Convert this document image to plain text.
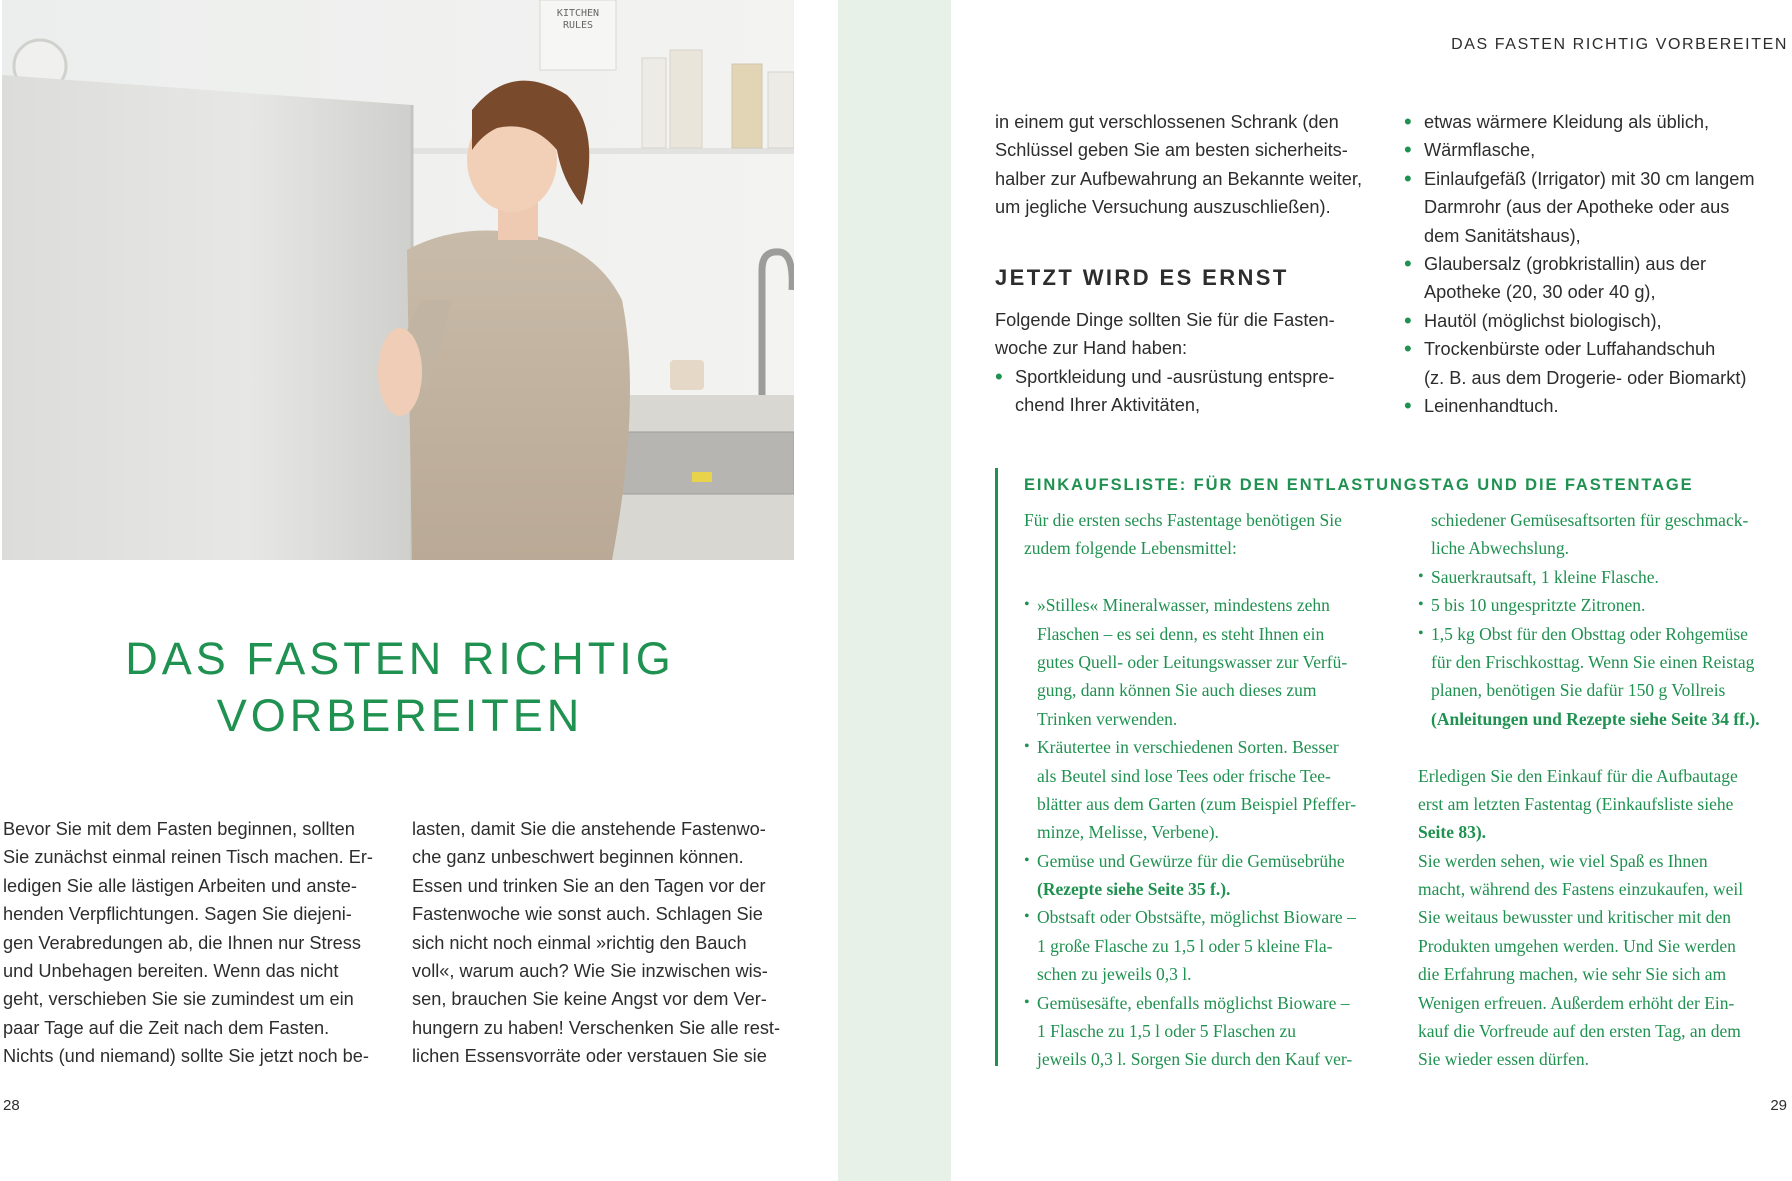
KITCHEN
RULES
DAS FASTEN RICHTIG
VORBEREITEN
Bevor Sie mit dem Fasten beginnen, sollten
Sie zunächst einmal reinen Tisch machen. Er-
ledigen Sie alle lästigen Arbeiten und anste-
henden Verpflichtungen. Sagen Sie diejeni-
gen Verabredungen ab, die Ihnen nur Stress
und Unbehagen bereiten. Wenn das nicht
geht, verschieben Sie sie zumindest um ein
paar Tage auf die Zeit nach dem Fasten.
Nichts (und niemand) sollte Sie jetzt noch be-
lasten, damit Sie die anstehende Fastenwo-
che ganz unbeschwert beginnen können.
Essen und trinken Sie an den Tagen vor der
Fastenwoche wie sonst auch. Schlagen Sie
sich nicht noch einmal »richtig den Bauch
voll«, warum auch? Wie Sie inzwischen wis-
sen, brauchen Sie keine Angst vor dem Ver-
hungern zu haben! Verschenken Sie alle rest-
lichen Essensvorräte oder verstauen Sie sie
28
DAS FASTEN RICHTIG VORBEREITEN
in einem gut verschlossenen Schrank (den
Schlüssel geben Sie am besten sicherheits-
halber zur Aufbewahrung an Bekannte weiter,
um jegliche Versuchung auszuschließen).
JETZT WIRD ES ERNST
Folgende Dinge sollten Sie für die Fasten-
woche zur Hand haben:
• Sportkleidung und -ausrüstung entspre-
chend Ihrer Aktivitäten,
• etwas wärmere Kleidung als üblich,
• Wärmflasche,
• Einlaufgefäß (Irrigator) mit 30 cm langem
Darmrohr (aus der Apotheke oder aus
dem Sanitätshaus),
• Glaubersalz (grobkristallin) aus der
Apotheke (20, 30 oder 40 g),
• Hautöl (möglichst biologisch),
• Trockenbürste oder Luffahandschuh
(z. B. aus dem Drogerie- oder Biomarkt)
• Leinenhandtuch.
EINKAUFSLISTE: FÜR DEN ENTLASTUNGSTAG UND DIE FASTENTAGE
Für die ersten sechs Fastentage benötigen Sie
zudem folgende Lebensmittel:
• »Stilles« Mineralwasser, mindestens zehn
Flaschen – es sei denn, es steht Ihnen ein
gutes Quell- oder Leitungswasser zur Verfü-
gung, dann können Sie auch dieses zum
Trinken verwenden.
• Kräutertee in verschiedenen Sorten. Besser
als Beutel sind lose Tees oder frische Tee-
blätter aus dem Garten (zum Beispiel Pfeffer-
minze, Melisse, Verbene).
• Gemüse und Gewürze für die Gemüsebrühe
(Rezepte siehe Seite 35 f.).
• Obstsaft oder Obstsäfte, möglichst Bioware –
1 große Flasche zu 1,5 l oder 5 kleine Fla-
schen zu jeweils 0,3 l.
• Gemüsesäfte, ebenfalls möglichst Bioware –
1 Flasche zu 1,5 l oder 5 Flaschen zu
jeweils 0,3 l. Sorgen Sie durch den Kauf ver-
schiedener Gemüsesaftsorten für geschmack-
liche Abwechslung.
• Sauerkrautsaft, 1 kleine Flasche.
• 5 bis 10 ungespritzte Zitronen.
• 1,5 kg Obst für den Obsttag oder Rohgemüse
für den Frischkosttag. Wenn Sie einen Reistag
planen, benötigen Sie dafür 150 g Vollreis
(Anleitungen und Rezepte siehe Seite 34 ff.).
Erledigen Sie den Einkauf für die Aufbautage
erst am letzten Fastentag (Einkaufsliste siehe
Seite 83).
Sie werden sehen, wie viel Spaß es Ihnen
macht, während des Fastens einzukaufen, weil
Sie weitaus bewusster und kritischer mit den
Produkten umgehen werden. Und Sie werden
die Erfahrung machen, wie sehr Sie sich am
Wenigen erfreuen. Außerdem erhöht der Ein-
kauf die Vorfreude auf den ersten Tag, an dem
Sie wieder essen dürfen.
29
